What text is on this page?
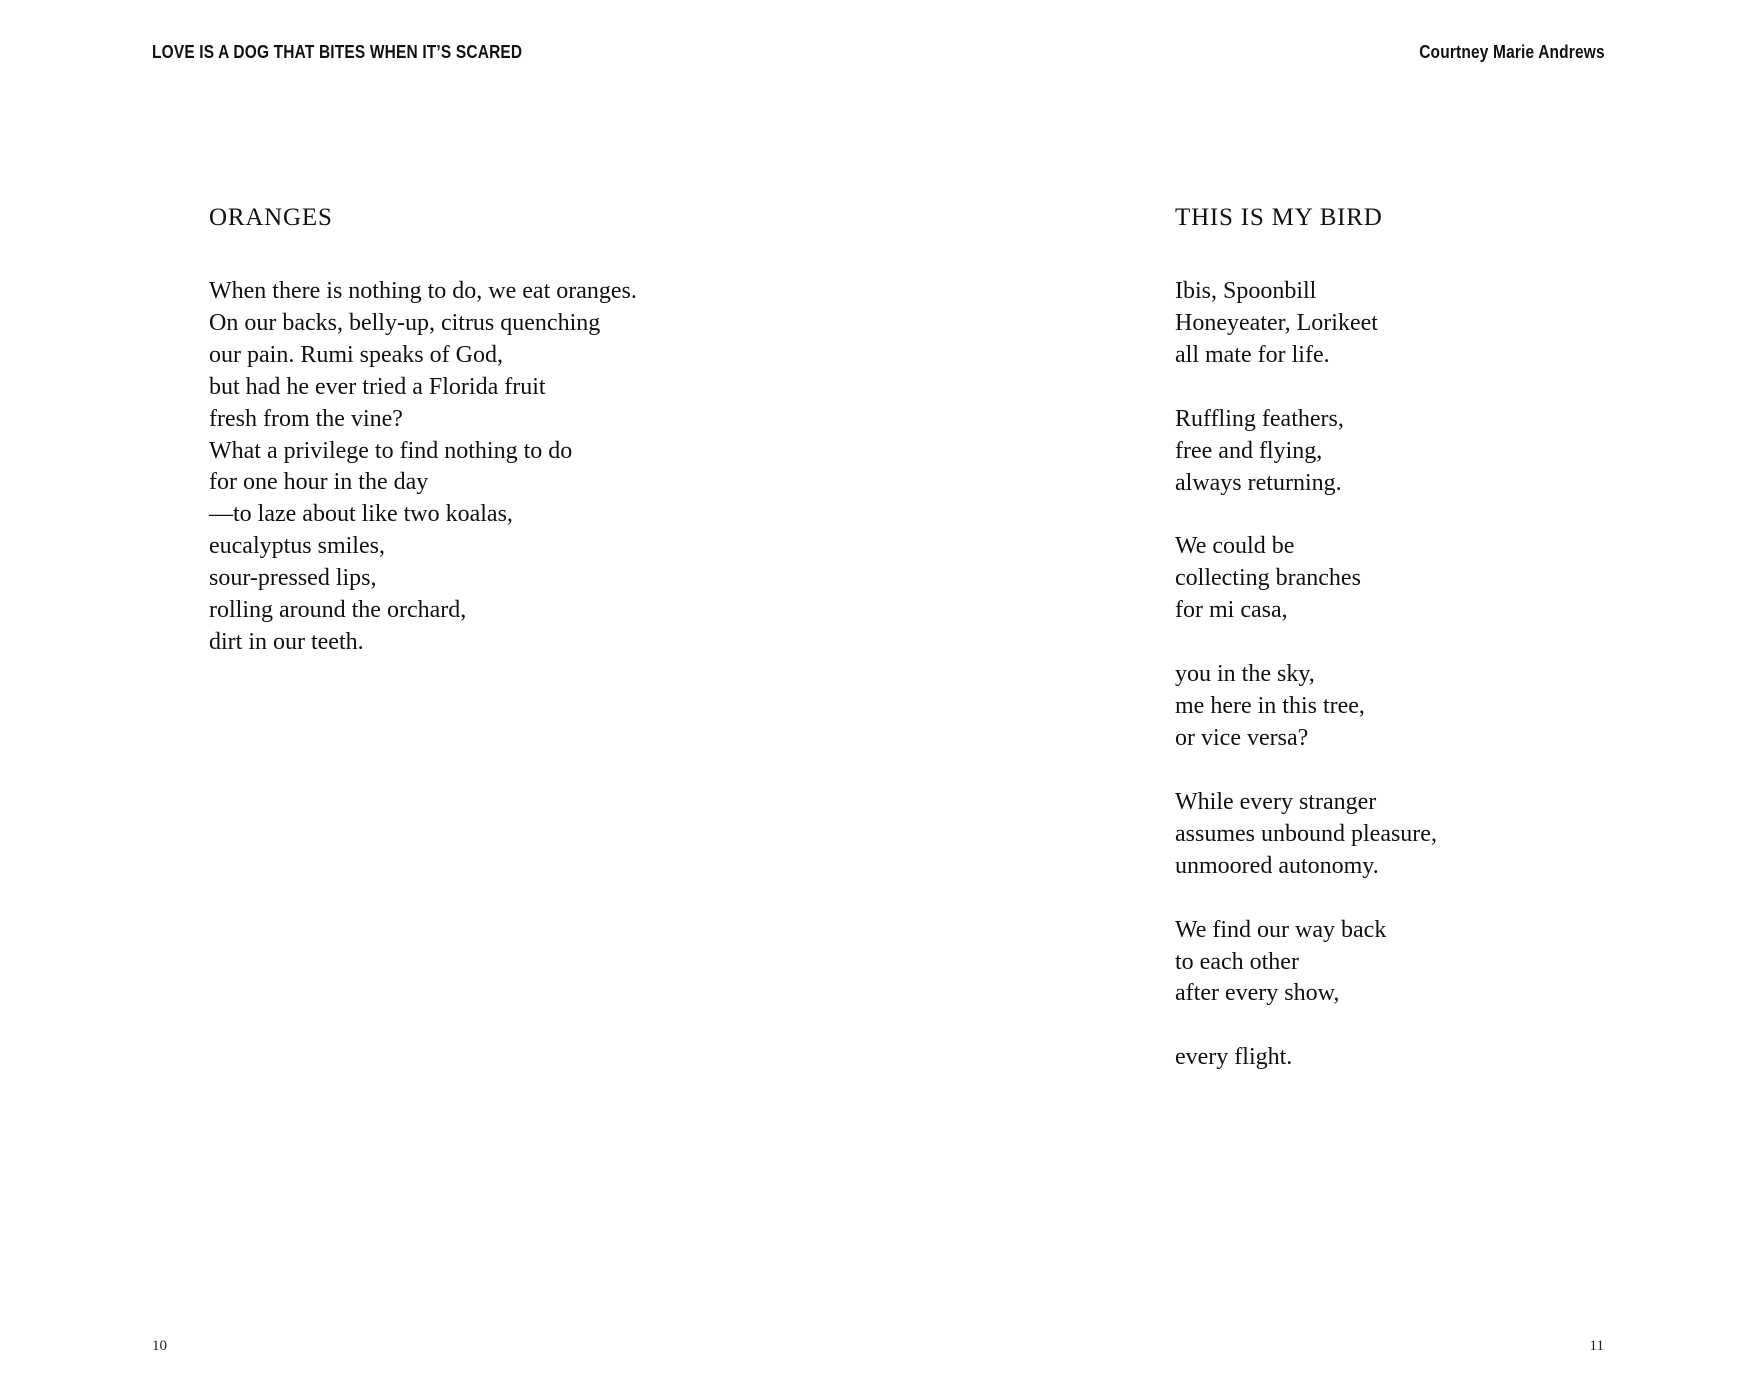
LOVE IS A DOG THAT BITES WHEN IT’S SCARED
ORANGES
When there is nothing to do, we eat oranges.
On our backs, belly-up, citrus quenching
our pain. Rumi speaks of God,
but had he ever tried a Florida fruit
fresh from the vine?
What a privilege to find nothing to do
for one hour in the day
—to laze about like two koalas,
eucalyptus smiles,
sour-pressed lips,
rolling around the orchard,
dirt in our teeth.
10
Courtney Marie Andrews
THIS IS MY BIRD
Ibis, Spoonbill
Honeyeater, Lorikeet
all mate for life.
Ruffling feathers,
free and flying,
always returning.
We could be
collecting branches
for mi casa,
you in the sky,
me here in this tree,
or vice versa?
While every stranger
assumes unbound pleasure,
unmoored autonomy.
We find our way back
to each other
after every show,
every flight.
11
